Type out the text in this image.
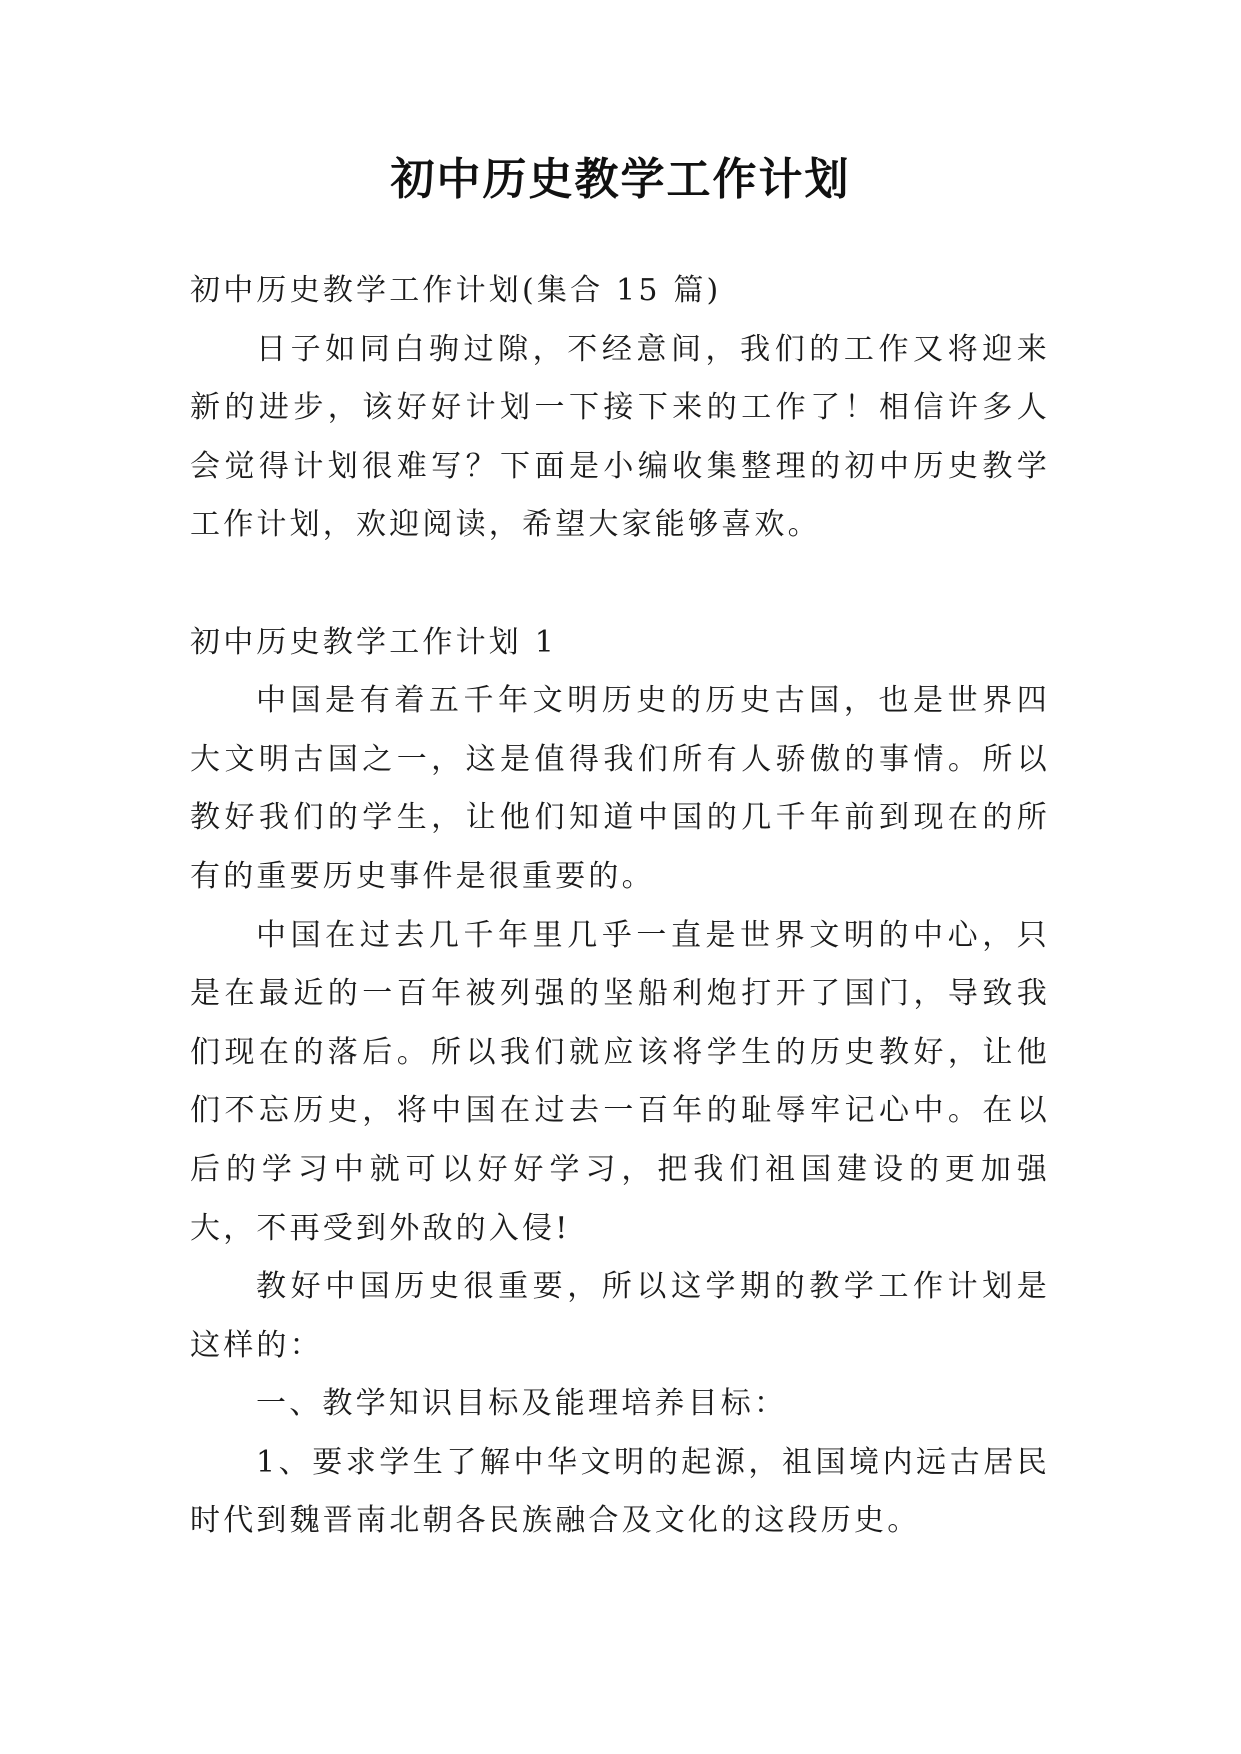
初中历史教学工作计划

初中历史教学工作计划(集合 15 篇)

日子如同白驹过隙，不经意间，我们的工作又将迎来新的进步，该好好计划一下接下来的工作了！相信许多人会觉得计划很难写？下面是小编收集整理的初中历史教学工作计划，欢迎阅读，希望大家能够喜欢。

初中历史教学工作计划 1

中国是有着五千年文明历史的历史古国，也是世界四大文明古国之一，这是值得我们所有人骄傲的事情。所以教好我们的学生，让他们知道中国的几千年前到现在的所有的重要历史事件是很重要的。

中国在过去几千年里几乎一直是世界文明的中心，只是在最近的一百年被列强的坚船利炮打开了国门，导致我们现在的落后。所以我们就应该将学生的历史教好，让他们不忘历史，将中国在过去一百年的耻辱牢记心中。在以后的学习中就可以好好学习，把我们祖国建设的更加强大，不再受到外敌的入侵!

教好中国历史很重要，所以这学期的教学工作计划是这样的：

一、教学知识目标及能理培养目标：

1、要求学生了解中华文明的起源，祖国境内远古居民时代到魏晋南北朝各民族融合及文化的这段历史。
